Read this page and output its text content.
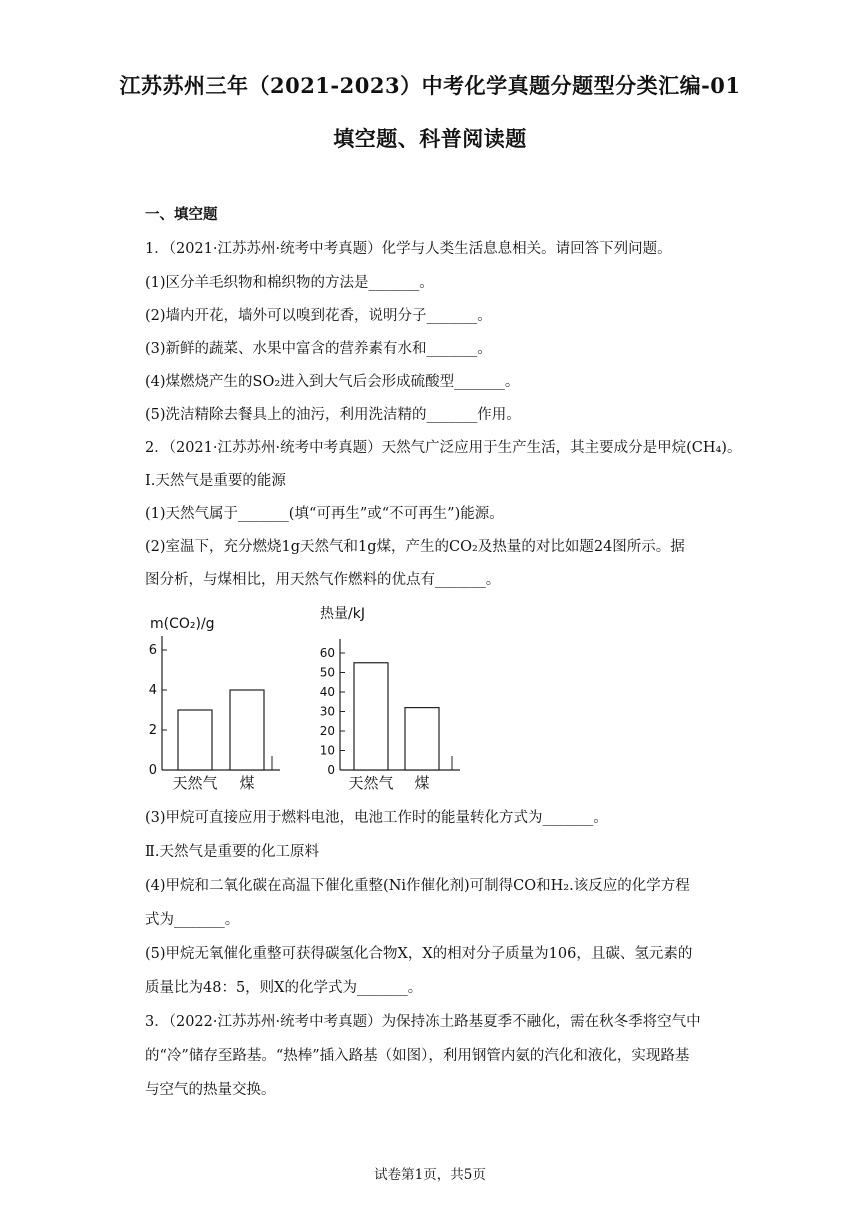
江苏苏州三年（2021-2023）中考化学真题分题型分类汇编-01
填空题、科普阅读题
一、填空题
1．（2021·江苏苏州·统考中考真题）化学与人类生活息息相关。请回答下列问题。
(1)区分羊毛织物和棉织物的方法是_______。
(2)墙内开花，墙外可以嗅到花香，说明分子_______。
(3)新鲜的蔬菜、水果中富含的营养素有水和_______。
(4)煤燃烧产生的SO₂进入到大气后会形成硫酸型_______。
(5)洗洁精除去餐具上的油污，利用洗洁精的_______作用。
2．（2021·江苏苏州·统考中考真题）天然气广泛应用于生产生活，其主要成分是甲烷(CH₄)。
Ⅰ.天然气是重要的能源
(1)天然气属于_______(填“可再生”或“不可再生”)能源。
(2)室温下，充分燃烧1g天然气和1g煤，产生的CO₂及热量的对比如题24图所示。据
图分析，与煤相比，用天然气作燃料的优点有_______。
m(CO₂)/g
0
2
4
6
天然气 煤
热量/kJ
0
10
20
30
40
50
60
天然气 煤
(3)甲烷可直接应用于燃料电池，电池工作时的能量转化方式为_______。
Ⅱ.天然气是重要的化工原料
(4)甲烷和二氧化碳在高温下催化重整(Ni作催化剂)可制得CO和H₂.该反应的化学方程
式为_______。
(5)甲烷无氧催化重整可获得碳氢化合物X，X的相对分子质量为106，且碳、氢元素的
质量比为48：5，则X的化学式为_______。
3．（2022·江苏苏州·统考中考真题）为保持冻土路基夏季不融化，需在秋冬季将空气中
的“冷”储存至路基。“热棒”插入路基（如图），利用钢管内氨的汽化和液化，实现路基
与空气的热量交换。
试卷第1页，共5页
